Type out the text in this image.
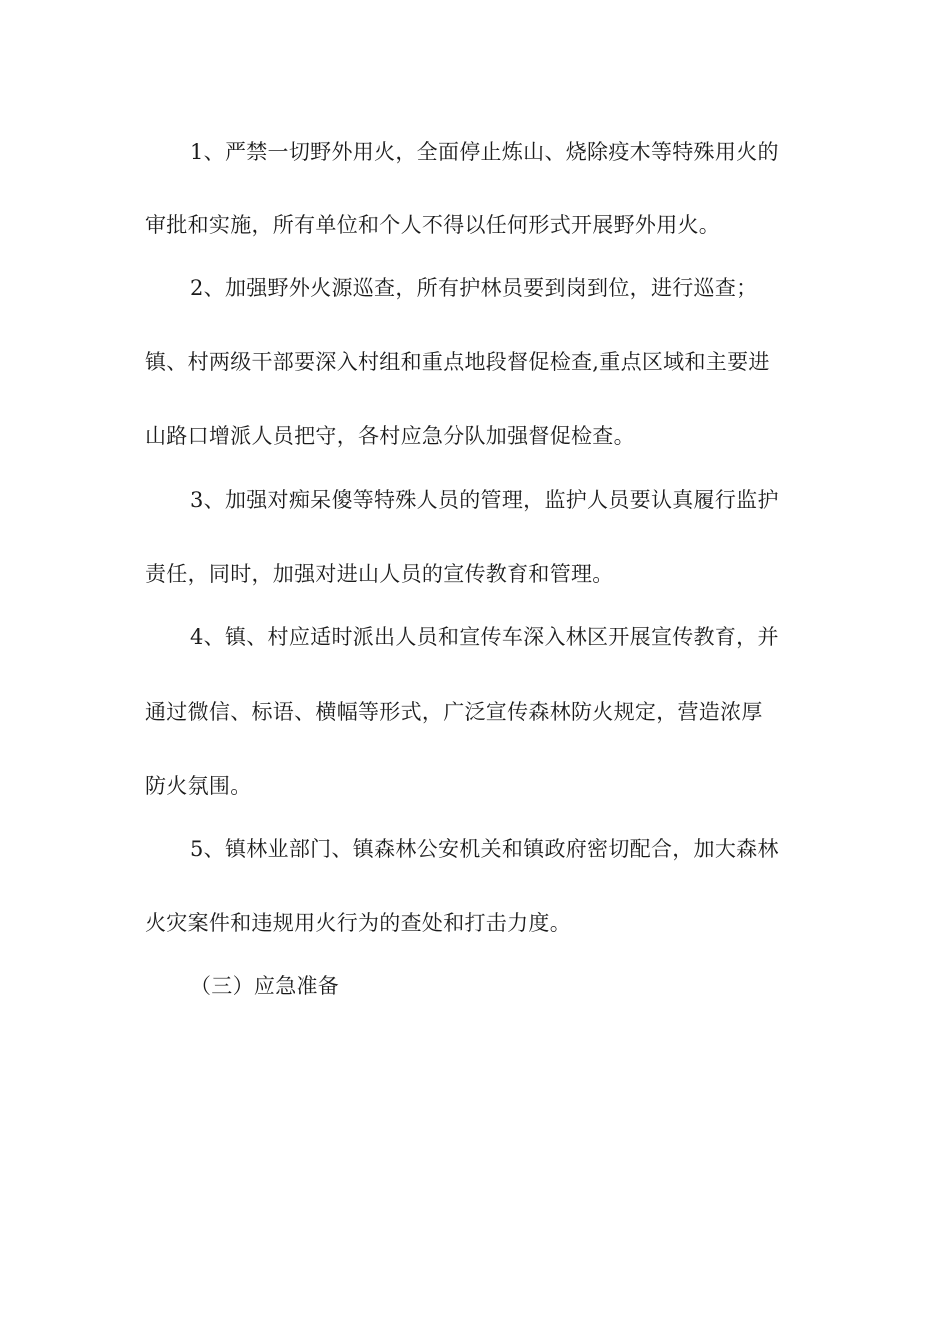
1、严禁一切野外用火，全面停止炼山、烧除疫木等特殊用火的
审批和实施，所有单位和个人不得以任何形式开展野外用火。
2、加强野外火源巡查，所有护林员要到岗到位，进行巡查；
镇、村两级干部要深入村组和重点地段督促检查,重点区域和主要进
山路口增派人员把守，各村应急分队加强督促检查。
3、加强对痴呆傻等特殊人员的管理，监护人员要认真履行监护
责任，同时，加强对进山人员的宣传教育和管理。
4、镇、村应适时派出人员和宣传车深入林区开展宣传教育，并
通过微信、标语、横幅等形式，广泛宣传森林防火规定，营造浓厚
防火氛围。
5、镇林业部门、镇森林公安机关和镇政府密切配合，加大森林
火灾案件和违规用火行为的查处和打击力度。
（三）应急准备
